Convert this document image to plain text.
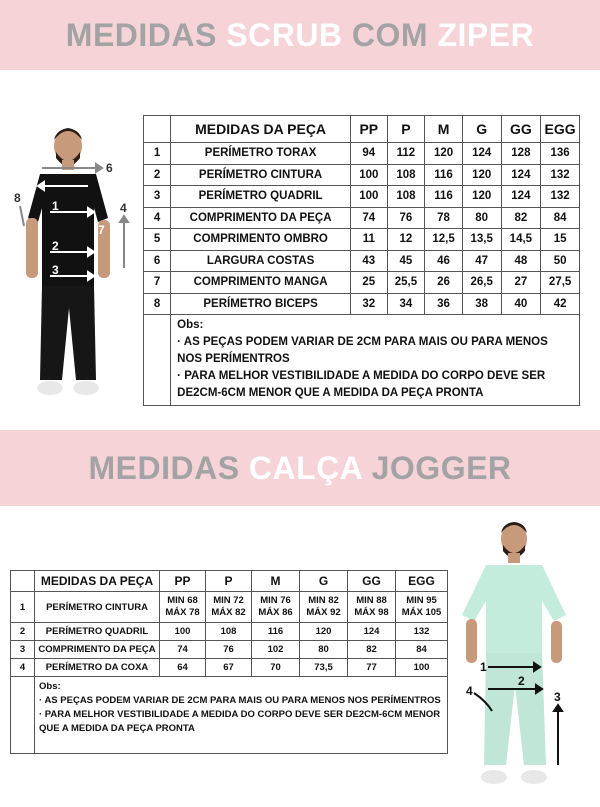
MEDIDAS SCRUB COM ZIPER
1
2
3
4
5
6
7
8
	MEDIDAS DA PEÇA	PP	P	M	G	GG	EGG
1	PERÍMETRO TORAX	94	112	120	124	128	136
2	PERÍMETRO CINTURA	100	108	116	120	124	132
3	PERÍMETRO QUADRIL	100	108	116	120	124	132
4	COMPRIMENTO DA PEÇA	74	76	78	80	82	84
5	COMPRIMENTO OMBRO	11	12	12,5	13,5	14,5	15
6	LARGURA COSTAS	43	45	46	47	48	50
7	COMPRIMENTO MANGA	25	25,5	26	26,5	27	27,5
8	PERÍMETRO BICEPS	32	34	36	38	40	42

	Obs:
· AS PEÇAS PODEM VARIAR DE 2CM PARA MAIS OU PARA MENOS NOS PERÍMENTROS
· PARA MELHOR VESTIBILIDADE A MEDIDA DO CORPO DEVE SER DE2CM-6CM MENOR QUE A MEDIDA DA PEÇA PRONTA						
MEDIDAS CALÇA JOGGER
	MEDIDAS DA PEÇA	PP	P	M	G	GG	EGG
1	PERÍMETRO CINTURA	MIN 68 MÁX 78	MIN 72 MÁX 82	MIN 76 MÁX 86	MIN 82 MÁX 92	MIN 88 MÁX 98	MIN 95 MÁX 105
2	PERÍMETRO QUADRIL	100	108	116	120	124	132
3	COMPRIMENTO DA PEÇA	74	76	102	80	82	84
4	PERÍMETRO DA COXA	64	67	70	73,5	77	100

	Obs:
· AS PEÇAS PODEM VARIAR DE 2CM PARA MAIS OU PARA MENOS NOS PERÍMENTROS
· PARA MELHOR VESTIBILIDADE A MEDIDA DO CORPO DEVE SER DE2CM-6CM MENOR QUE A MEDIDA DA PEÇA PRONTA						
1
2
3
4
